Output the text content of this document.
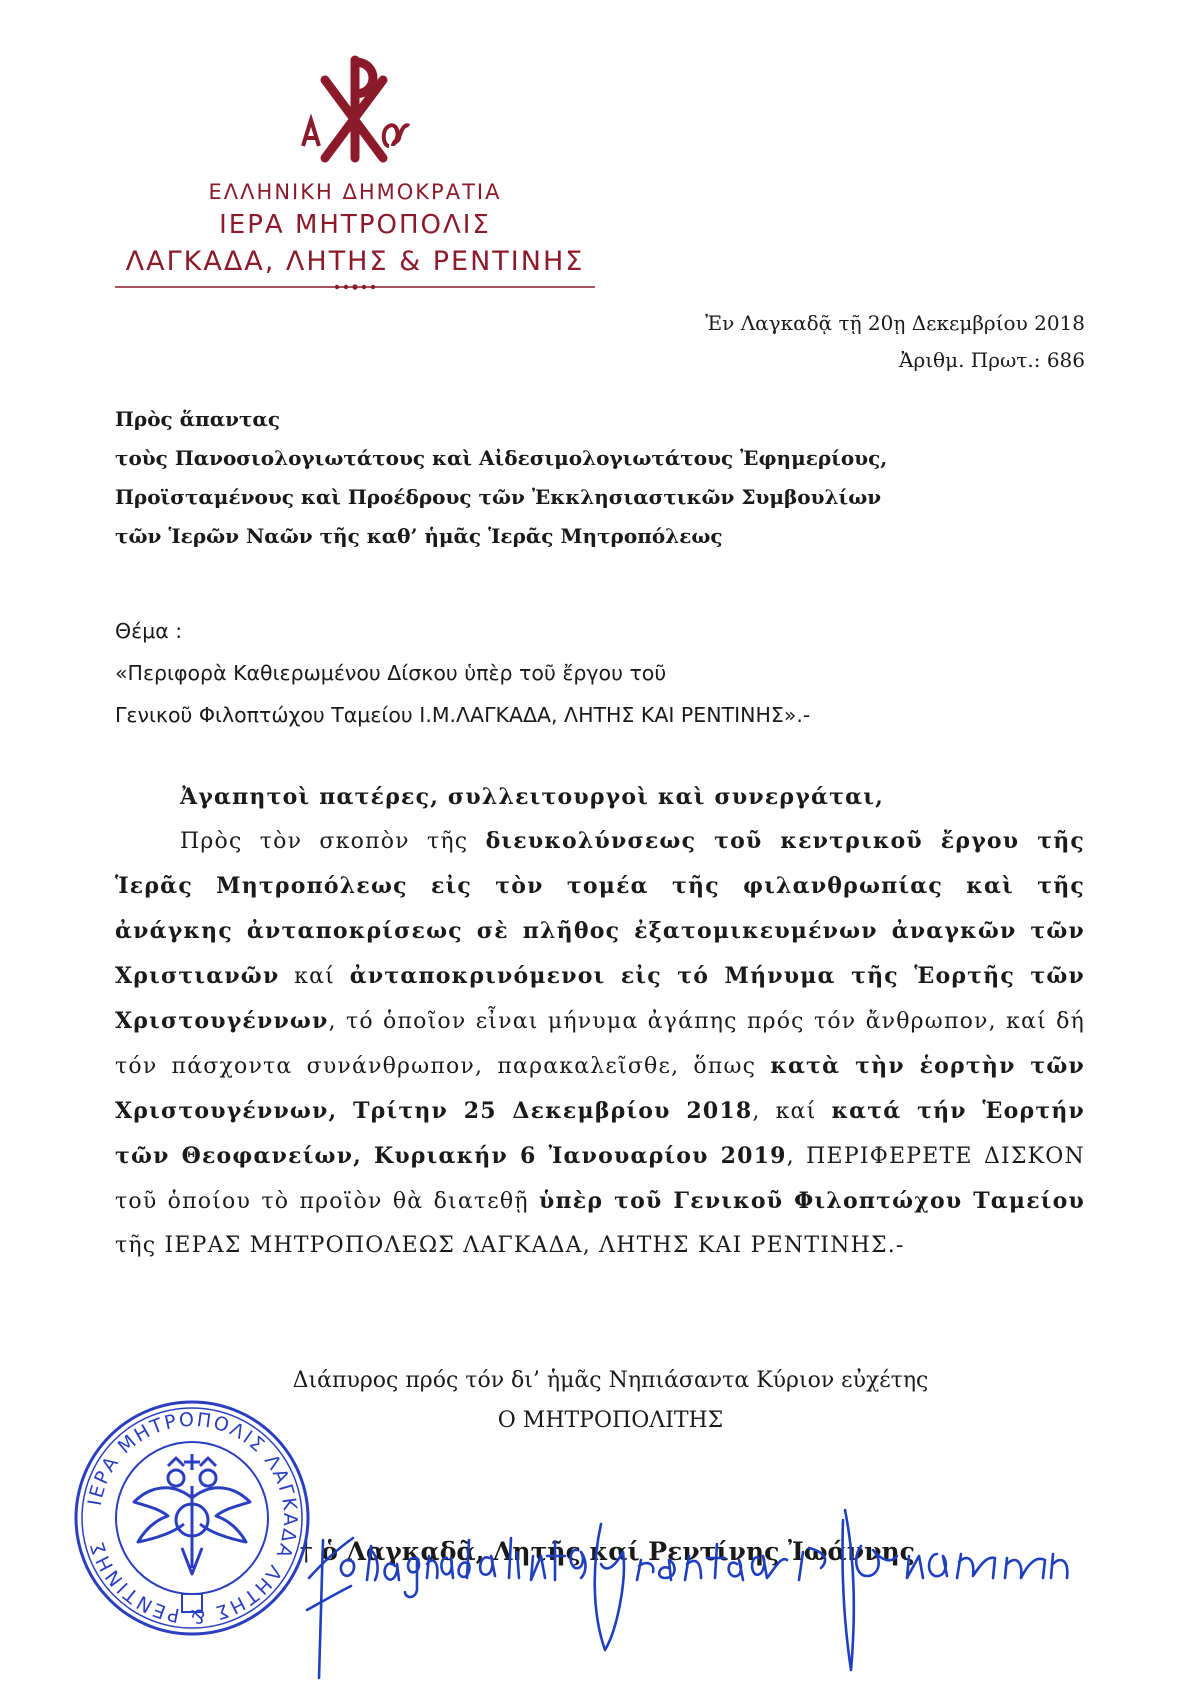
ΕΛΛΗΝΙΚΗ ΔΗΜΟΚΡΑΤΙΑ
ΙΕΡΑ ΜΗΤΡΟΠΟΛΙΣ
ΛΑΓΚΑΔΑ, ΛΗΤΗΣ & ΡΕΝΤΙΝΗΣ
Ἐν Λαγκαδᾷ τῇ 20ῃ Δεκεμβρίου 2018
Ἀριθμ. Πρωτ.: 686
Πρὸς ἅπαντας
τοὺς Πανοσιολογιωτάτους καὶ Αἰδεσιμολογιωτάτους Ἐφημερίους,
Προϊσταμένους καὶ Προέδρους τῶν Ἐκκλησιαστικῶν Συμβουλίων
τῶν Ἱερῶν Ναῶν τῆς καθ’ ἡμᾶς Ἱερᾶς Μητροπόλεως
Θέμα :
«Περιφορὰ Καθιερωμένου Δίσκου ὑπὲρ τοῦ ἔργου τοῦ
Γενικοῦ Φιλοπτώχου Ταμείου Ι.Μ.ΛΑΓΚΑΔΑ, ΛΗΤΗΣ ΚΑΙ ΡΕΝΤΙΝΗΣ».-

Ἀγαπητοὶ πατέρες, συλλειτουργοὶ καὶ συνεργάται,

Πρὸς τὸν σκοπὸν τῆς διευκολύνσεως τοῦ κεντρικοῦ ἔργου τῆς Ἱερᾶς Μητροπόλεως εἰς τὸν τομέα τῆς φιλανθρωπίας καὶ τῆς ἀνάγκης ἀνταποκρίσεως σὲ πλῆθος ἐξατομικευμένων ἀναγκῶν τῶν Χριστιανῶν καί ἀνταποκρινόμενοι εἰς τό Μήνυμα τῆς Ἑορτῆς τῶν Χριστουγέννων, τό ὁποῖον εἶναι μήνυμα ἀγάπης πρός τόν ἄνθρωπον, καί δή τόν πάσχοντα συνάνθρωπον, παρακαλεῖσθε, ὅπως κατὰ τὴν ἑορτὴν τῶν Χριστουγέννων, Τρίτην 25 Δεκεμβρίου 2018, καί κατά τήν Ἑορτήν τῶν Θεοφανείων, Κυριακήν 6 Ἰανουαρίου 2019, ΠΕΡΙΦΕΡΕΤΕ ΔΙΣΚΟΝ τοῦ ὁποίου τὸ προϊὸν θὰ διατεθῇ ὑπὲρ τοῦ Γενικοῦ Φιλοπτώχου Ταμείου τῆς ΙΕΡΑΣ ΜΗΤΡΟΠΟΛΕΩΣ ΛΑΓΚΑΔΑ, ΛΗΤΗΣ ΚΑΙ ΡΕΝΤΙΝΗΣ.-

Διάπυρος πρός τόν δι’ ἡμᾶς Νηπιάσαντα Κύριον εὐχέτης
Ο ΜΗΤΡΟΠΟΛΙΤΗΣ
† ὁ Λαγκαδᾶ, Λητῆς καί Ρεντίνης Ἰωάννης
ΙΕΡΑ ΜΗΤΡΟΠΟΛΙΣ ΛΑΓΚΑΔΑ ΛΗΤΗΣ & ΡΕΝΤΙΝΗΣ
